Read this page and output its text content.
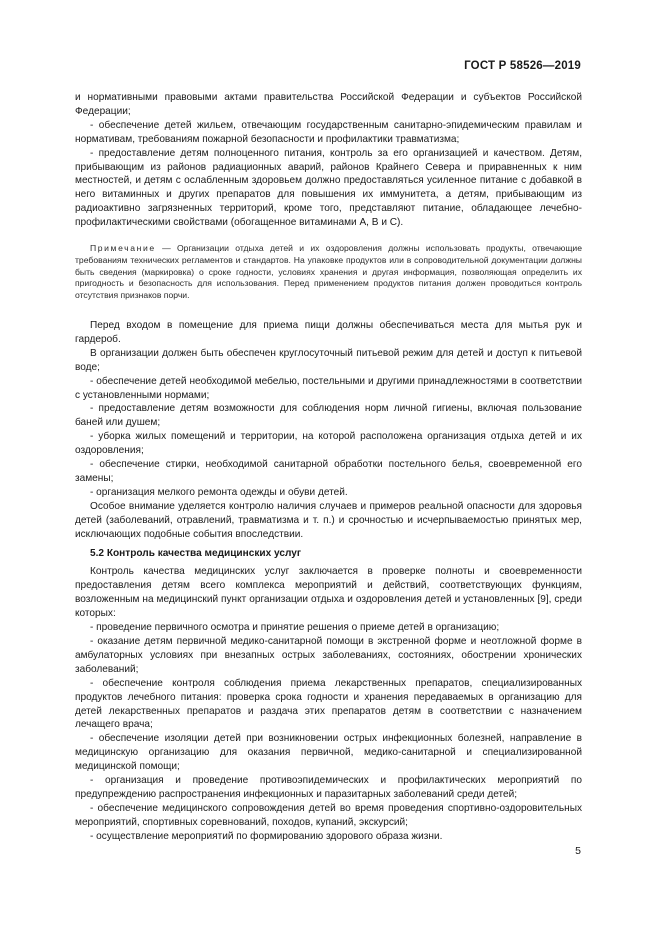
ГОСТ Р 58526—2019

и нормативными правовыми актами правительства Российской Федерации и субъектов Российской Федерации;

- обеспечение детей жильем, отвечающим государственным санитарно-эпидемическим правилам и нормативам, требованиям пожарной безопасности и профилактики травматизма;

- предоставление детям полноценного питания, контроль за его организацией и качеством. Детям, прибывающим из районов радиационных аварий, районов Крайнего Севера и приравненных к ним местностей, и детям с ослабленным здоровьем должно предоставляться усиленное питание с добавкой в него витаминных и других препаратов для повышения их иммунитета, а детям, прибывающим из радиоактивно загрязненных территорий, кроме того, представляют питание, обладающее лечебно-профилактическими свойствами (обогащенное витаминами А, В и С).

Примечание — Организации отдыха детей и их оздоровления должны использовать продукты, отвечающие требованиям технических регламентов и стандартов. На упаковке продуктов или в сопроводительной документации должны быть сведения (маркировка) о сроке годности, условиях хранения и другая информация, позволяющая определить их пригодность и безопасность для использования. Перед применением продуктов питания должен проводиться контроль отсутствия признаков порчи.

Перед входом в помещение для приема пищи должны обеспечиваться места для мытья рук и гардероб.

В организации должен быть обеспечен круглосуточный питьевой режим для детей и доступ к питьевой воде;

- обеспечение детей необходимой мебелью, постельными и другими принадлежностями в соответствии с установленными нормами;

- предоставление детям возможности для соблюдения норм личной гигиены, включая пользование баней или душем;

- уборка жилых помещений и территории, на которой расположена организация отдыха детей и их оздоровления;

- обеспечение стирки, необходимой санитарной обработки постельного белья, своевременной его замены;

- организация мелкого ремонта одежды и обуви детей.

Особое внимание уделяется контролю наличия случаев и примеров реальной опасности для здоровья детей (заболеваний, отравлений, травматизма и т. п.) и срочностью и исчерпываемостью принятых мер, исключающих подобные события впоследствии.

5.2 Контроль качества медицинских услуг

Контроль качества медицинских услуг заключается в проверке полноты и своевременности предоставления детям всего комплекса мероприятий и действий, соответствующих функциям, возложенным на медицинский пункт организации отдыха и оздоровления детей и установленных [9], среди которых:

- проведение первичного осмотра и принятие решения о приеме детей в организацию;

- оказание детям первичной медико-санитарной помощи в экстренной форме и неотложной форме в амбулаторных условиях при внезапных острых заболеваниях, состояниях, обострении хронических заболеваний;

- обеспечение контроля соблюдения приема лекарственных препаратов, специализированных продуктов лечебного питания: проверка срока годности и хранения передаваемых в организацию для детей лекарственных препаратов и раздача этих препаратов детям в соответствии с назначением лечащего врача;

- обеспечение изоляции детей при возникновении острых инфекционных болезней, направление в медицинскую организацию для оказания первичной, медико-санитарной и специализированной медицинской помощи;

- организация и проведение противоэпидемических и профилактических мероприятий по предупреждению распространения инфекционных и паразитарных заболеваний среди детей;

- обеспечение медицинского сопровождения детей во время проведения спортивно-оздоровительных мероприятий, спортивных соревнований, походов, купаний, экскурсий;

- осуществление мероприятий по формированию здорового образа жизни.

5
